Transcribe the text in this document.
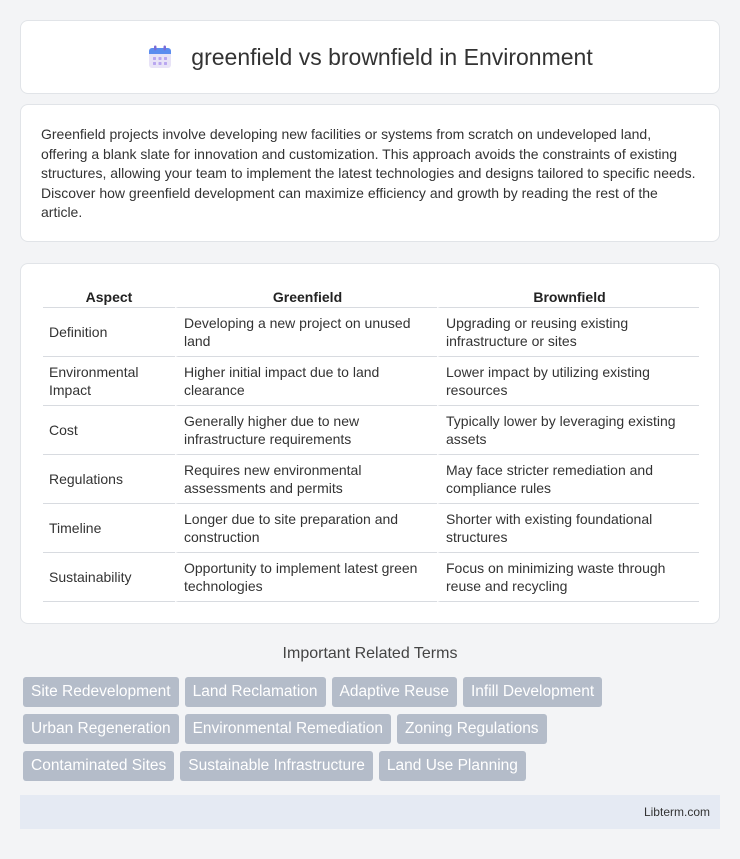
greenfield vs brownfield in Environment

Greenfield projects involve developing new facilities or systems from scratch on undeveloped land, offering a blank slate for innovation and customization. This approach avoids the constraints of existing structures, allowing your team to implement the latest technologies and designs tailored to specific needs. Discover how greenfield development can maximize efficiency and growth by reading the rest of the article.

Aspect	Greenfield	Brownfield
Definition	Developing a new project on unused land	Upgrading or reusing existing infrastructure or sites
Environmental Impact	Higher initial impact due to land clearance	Lower impact by utilizing existing resources
Cost	Generally higher due to new infrastructure requirements	Typically lower by leveraging existing assets
Regulations	Requires new environmental assessments and permits	May face stricter remediation and compliance rules
Timeline	Longer due to site preparation and construction	Shorter with existing foundational structures
Sustainability	Opportunity to implement latest green technologies	Focus on minimizing waste through reuse and recycling
Important Related Terms
Site Redevelopment	Land Reclamation	Adaptive Reuse	Infill Development
Urban Regeneration	Environmental Remediation	Zoning Regulations
Contaminated Sites	Sustainable Infrastructure	Land Use Planning
Libterm.com
